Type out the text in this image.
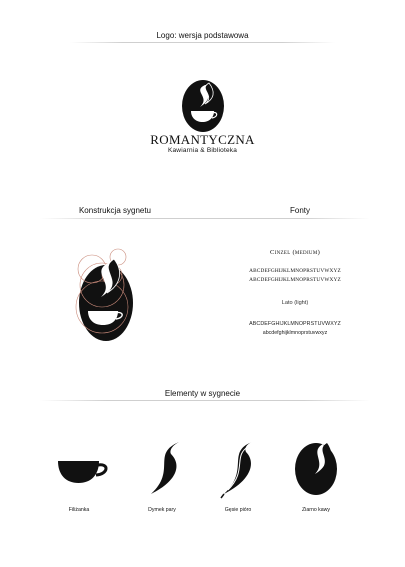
Logo: wersja podstawowa
ROMANTYCZNA
Kawiarnia & Biblioteka
Konstrukcja sygnetu	Fonty
Cinzel (medium)
ABCDEFGHIJKLMNOPRSTUVWXYZ
ABCDEFGHIJKLMNOPRSTUVWXYZ
Lato (light)
ABCDEFGHIJKLMNOPRSTUVWXYZ
abcdefghijklmnoprstuvwxyz
Elementy w sygnecie
Filiżanka	Dymek pary	Gęsie pióro	Ziarno kawy
